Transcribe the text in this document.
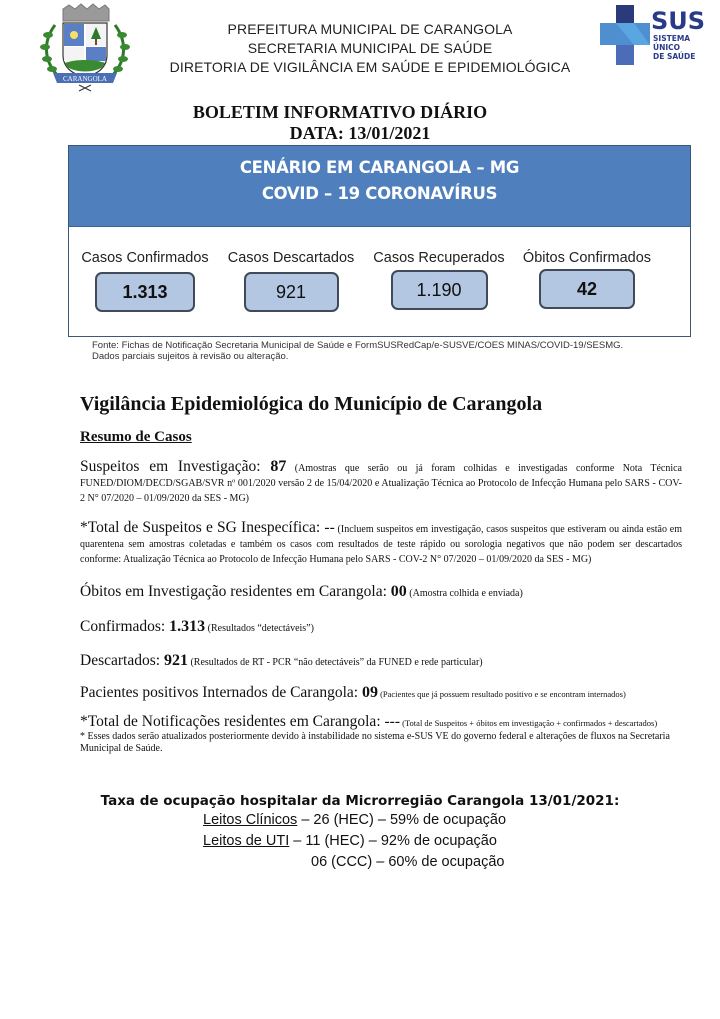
CARANGOLA
SUS
SISTEMA
ÚNICO
DE SAÚDE
PREFEITURA MUNICIPAL DE CARANGOLA
SECRETARIA MUNICIPAL DE SAÚDE
DIRETORIA DE VIGILÂNCIA EM SAÚDE E EPIDEMIOLÓGICA
BOLETIM INFORMATIVO DIÁRIO
DATA: 13/01/2021
CENÁRIO EM CARANGOLA – MG
COVID – 19 CORONAVÍRUS
Casos Confirmados
1.313
Casos Descartados
921
Casos Recuperados
1.190
Óbitos Confirmados
42
Fonte: Fichas de Notificação Secretaria Municipal de Saúde e FormSUSRedCap/e-SUSVE/COES MINAS/COVID-19/SESMG.
Dados parciais sujeitos à revisão ou alteração.
Vigilância Epidemiológica do Município de Carangola
Resumo de Casos
Suspeitos em Investigação: 87 (Amostras que serão ou já foram colhidas e investigadas conforme Nota Técnica FUNED/DIOM/DECD/SGAB/SVR nº 001/2020 versão 2 de 15/04/2020 e Atualização Técnica ao Protocolo de Infecção Humana pelo SARS - COV-2 N° 07/2020 – 01/09/2020 da SES - MG)
*Total de Suspeitos e SG Inespecífica: -- (Incluem suspeitos em investigação, casos suspeitos que estiveram ou ainda estão em quarentena sem amostras coletadas e também os casos com resultados de teste rápido ou sorologia negativos que não podem ser descartados conforme: Atualização Técnica ao Protocolo de Infecção Humana pelo SARS - COV-2 N° 07/2020 – 01/09/2020 da SES - MG)
Óbitos em Investigação residentes em Carangola: 00 (Amostra colhida e enviada)
Confirmados: 1.313 (Resultados “detectáveis”)
Descartados: 921 (Resultados de RT - PCR “não detectáveis” da FUNED e rede particular)
Pacientes positivos Internados de Carangola: 09 (Pacientes que já possuem resultado positivo e se encontram internados)
*Total de Notificações residentes em Carangola: --- (Total de Suspeitos + óbitos em investigação + confirmados + descartados)
* Esses dados serão atualizados posteriormente devido à instabilidade no sistema e-SUS VE do governo federal e alterações de fluxos na Secretaria Municipal de Saúde.
Taxa de ocupação hospitalar da Microrregião Carangola 13/01/2021:
Leitos Clínicos – 26 (HEC) – 59% de ocupação
Leitos de UTI – 11 (HEC) – 92% de ocupação
06 (CCC) – 60% de ocupação
